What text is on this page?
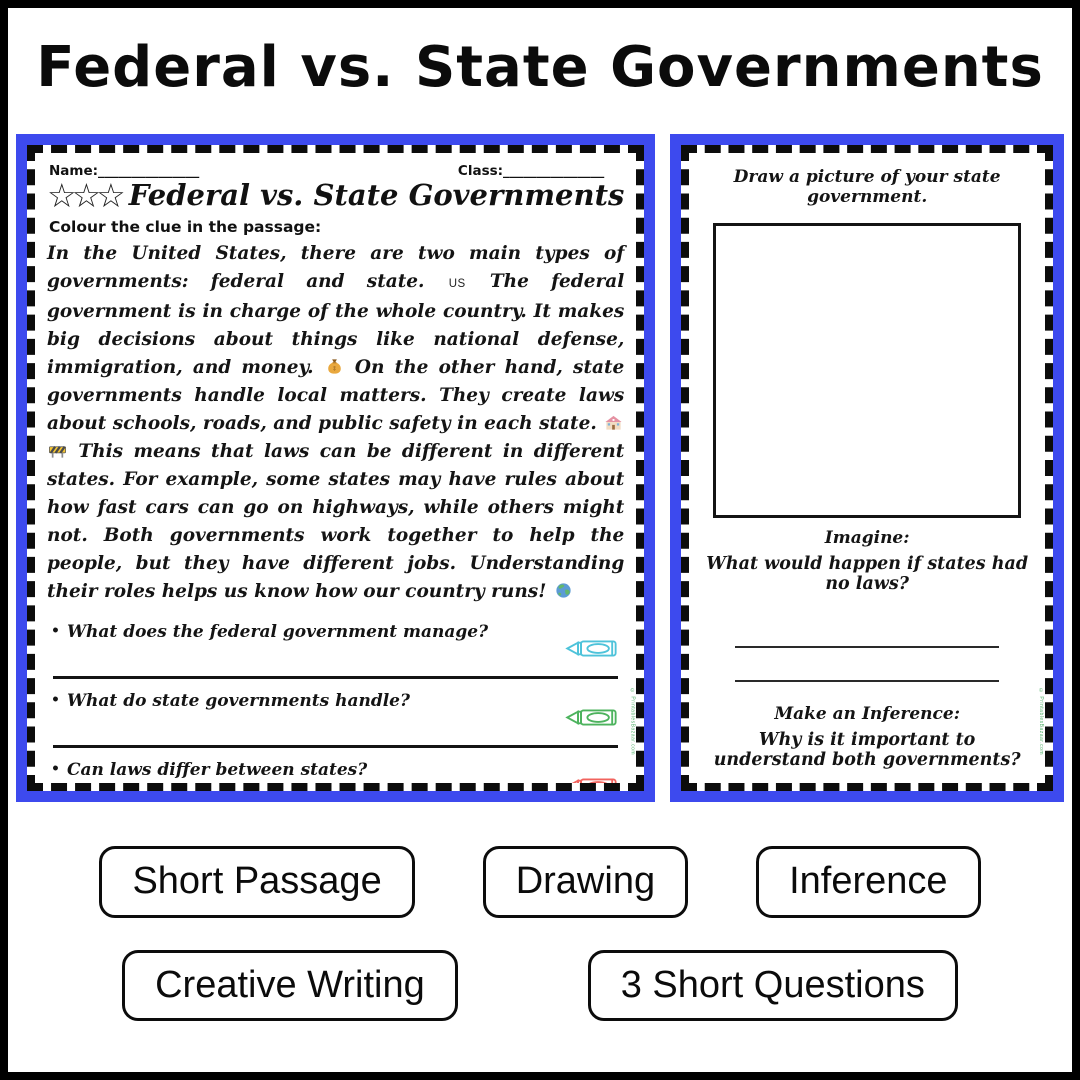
Federal vs. State Governments
Name:_______________	Class:_______________
☆☆☆ Federal vs. State Governments
Colour the clue in the passage:
In the United States, there are two main types of governments: federal and state. US The federal government is in charge of the whole country. It makes big decisions about things like national defense, immigration, and money.  On the other hand, state governments handle local matters. They create laws about schools, roads, and public safety in each state.  This means that laws can be different in different states. For example, some states may have rules about how fast cars can go on highways, while others might not. Both governments work together to help the people, but they have different jobs. Understanding their roles helps us know how our country runs!
• What does the federal government manage?
• What do state governments handle?
• Can laws differ between states?
© PrintablesBazaar.com
Draw a picture of your state government.
Imagine:
What would happen if states had no laws?
Make an Inference:
Why is it important to understand both governments?
© PrintablesBazaar.com
Short Passage	Drawing	Inference
Creative Writing	3 Short Questions
